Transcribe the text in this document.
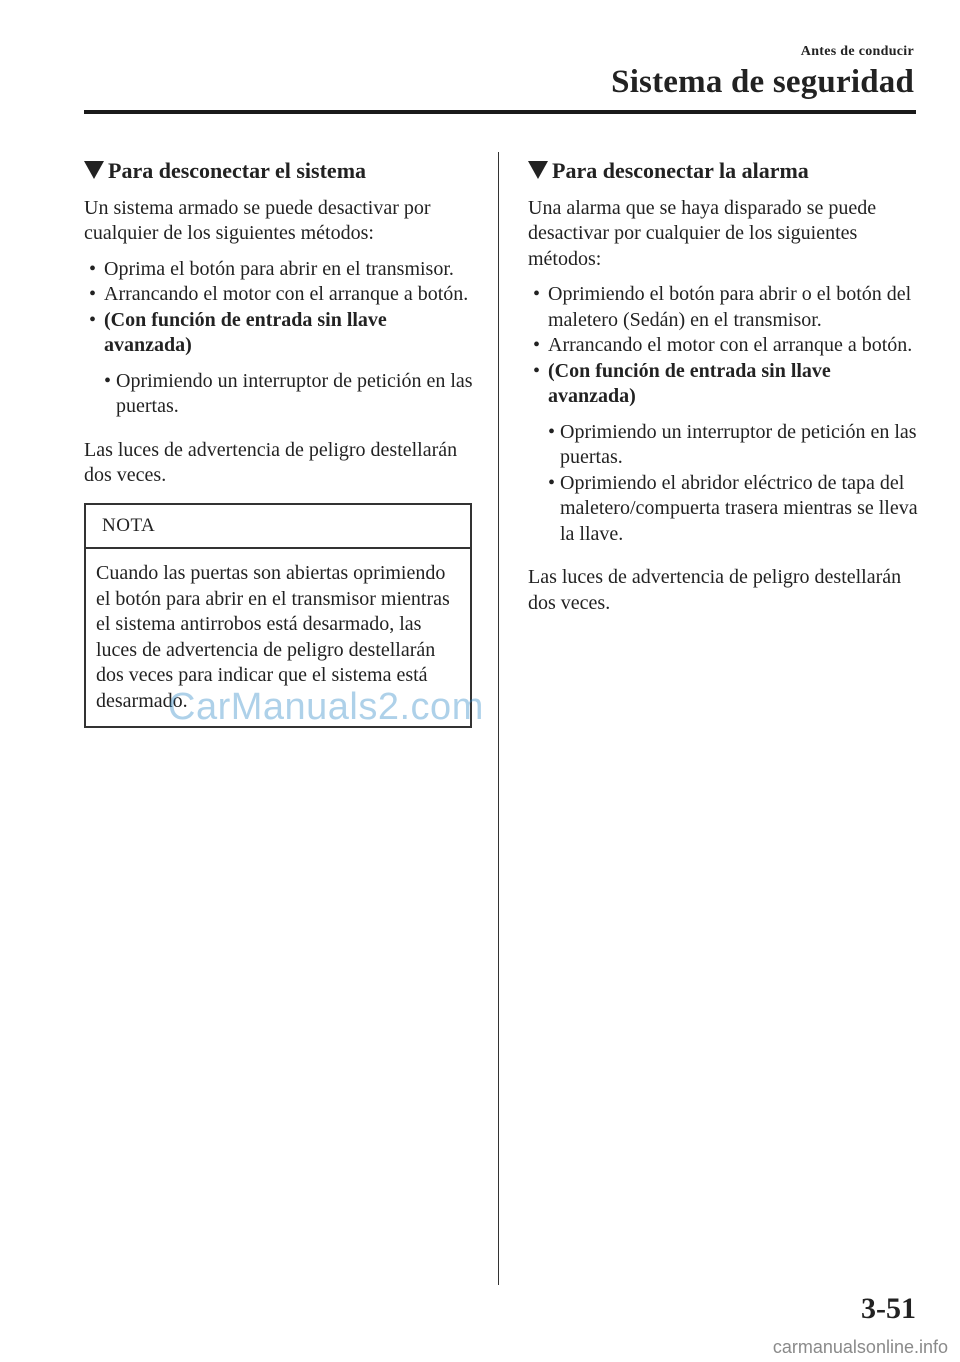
Antes de conducir
Sistema de seguridad
Para desconectar el sistema

Un sistema armado se puede desactivar por cualquier de los siguientes métodos:

• Oprima el botón para abrir en el transmisor.
• Arrancando el motor con el arranque a botón.
• (Con función de entrada sin llave avanzada)
• Oprimiendo un interruptor de petición en las puertas.

Las luces de advertencia de peligro destellarán dos veces.

NOTA
Cuando las puertas son abiertas oprimiendo el botón para abrir en el transmisor mientras el sistema antirrobos está desarmado, las luces de advertencia de peligro destellarán dos veces para indicar que el sistema está desarmado.
Para desconectar la alarma

Una alarma que se haya disparado se puede desactivar por cualquier de los siguientes métodos:

• Oprimiendo el botón para abrir o el botón del maletero (Sedán) en el transmisor.
• Arrancando el motor con el arranque a botón.
• (Con función de entrada sin llave avanzada)
• Oprimiendo un interruptor de petición en las puertas.
• Oprimiendo el abridor eléctrico de tapa del maletero/compuerta trasera mientras se lleva la llave.

Las luces de advertencia de peligro destellarán dos veces.

CarManuals2.com
3-51
carmanualsonline.info
